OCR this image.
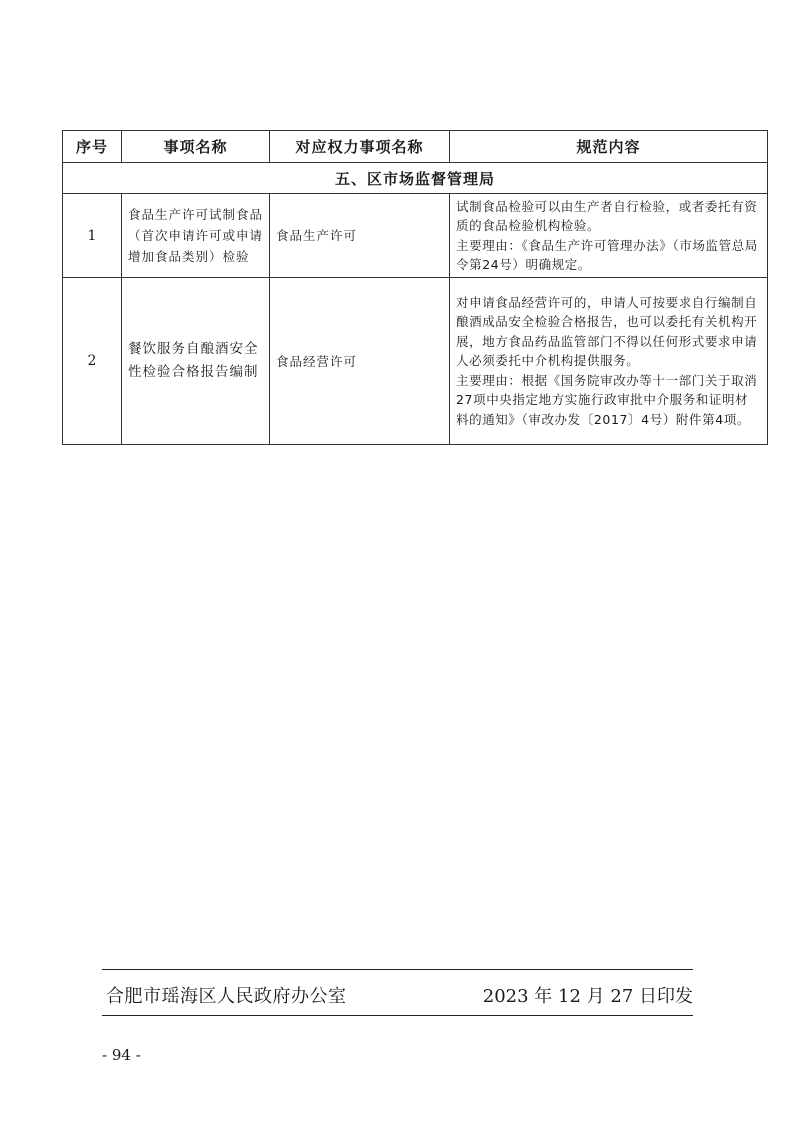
序号	事项名称	对应权力事项名称	规范内容
五、区市场监督管理局			
1	食品生产许可试制食品（首次申请许可或申请增加食品类别）检验	食品生产许可	试制食品检验可以由生产者自行检验，或者委托有资质的食品检验机构检验。

主要理由：《食品生产许可管理办法》（市场监管总局令第24号）明确规定。

2	餐饮服务自酿酒安全性检验合格报告编制	食品经营许可	对申请食品经营许可的，申请人可按要求自行编制自酿酒成品安全检验合格报告，也可以委托有关机构开展，地方食品药品监管部门不得以任何形式要求申请人必须委托中介机构提供服务。

主要理由：根据《国务院审改办等十一部门关于取消27项中央指定地方实施行政审批中介服务和证明材料的通知》（审改办发〔2017〕4号）附件第4项。

合肥市瑶海区人民政府办公室	2023 年 12 月 27 日印发
- 94 -
